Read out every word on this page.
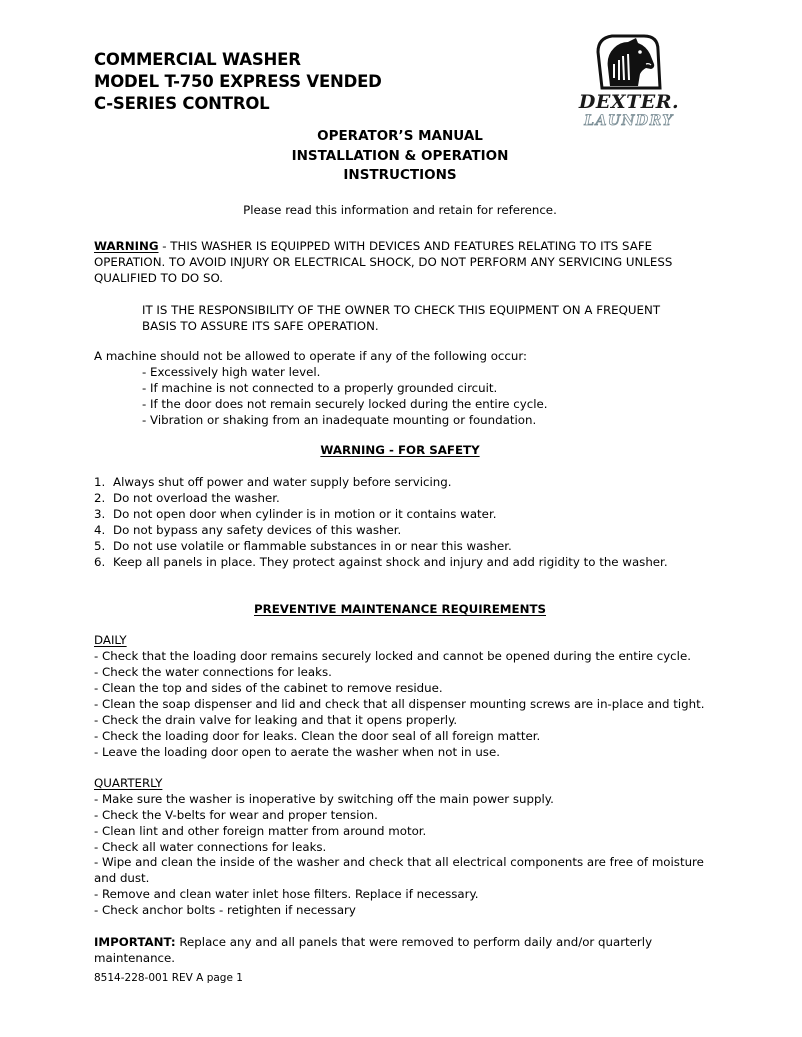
COMMERCIAL WASHER
MODEL T-750 EXPRESS VENDED
C-SERIES CONTROL	DEXTER.
LAUNDRY
OPERATOR’S MANUAL
INSTALLATION & OPERATION
INSTRUCTIONS
Please read this information and retain for reference.
WARNING - THIS WASHER IS EQUIPPED WITH DEVICES AND FEATURES RELATING TO ITS SAFE
OPERATION. TO AVOID INJURY OR ELECTRICAL SHOCK, DO NOT PERFORM ANY SERVICING UNLESS
QUALIFIED TO DO SO.
IT IS THE RESPONSIBILITY OF THE OWNER TO CHECK THIS EQUIPMENT ON A FREQUENT
BASIS TO ASSURE ITS SAFE OPERATION.
A machine should not be allowed to operate if any of the following occur:
- Excessively high water level.
- If machine is not connected to a properly grounded circuit.
- If the door does not remain securely locked during the entire cycle.
- Vibration or shaking from an inadequate mounting or foundation.
WARNING - FOR SAFETY
1. Always shut off power and water supply before servicing.
2. Do not overload the washer.
3. Do not open door when cylinder is in motion or it contains water.
4. Do not bypass any safety devices of this washer.
5. Do not use volatile or flammable substances in or near this washer.
6. Keep all panels in place. They protect against shock and injury and add rigidity to the washer.
PREVENTIVE MAINTENANCE REQUIREMENTS
DAILY
- Check that the loading door remains securely locked and cannot be opened during the entire cycle.
- Check the water connections for leaks.
- Clean the top and sides of the cabinet to remove residue.
- Clean the soap dispenser and lid and check that all dispenser mounting screws are in-place and tight.
- Check the drain valve for leaking and that it opens properly.
- Check the loading door for leaks. Clean the door seal of all foreign matter.
- Leave the loading door open to aerate the washer when not in use.
QUARTERLY
- Make sure the washer is inoperative by switching off the main power supply.
- Check the V-belts for wear and proper tension.
- Clean lint and other foreign matter from around motor.
- Check all water connections for leaks.
- Wipe and clean the inside of the washer and check that all electrical components are free of moisture
and dust.
- Remove and clean water inlet hose filters. Replace if necessary.
- Check anchor bolts - retighten if necessary
IMPORTANT: Replace any and all panels that were removed to perform daily and/or quarterly
maintenance.
8514-228-001 REV A page 1
